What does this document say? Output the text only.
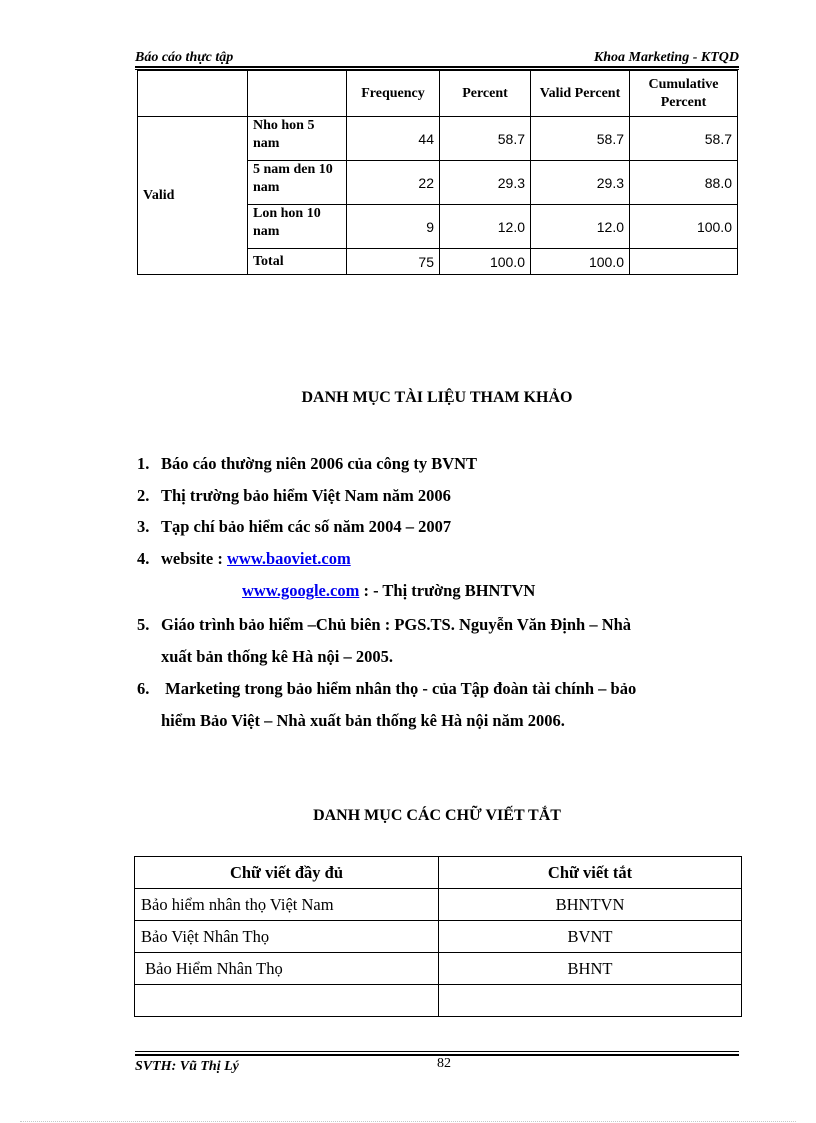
Báo cáo thực tập	Khoa Marketing - KTQD
		Frequency	Percent	Valid Percent	Cumulative Percent
Valid	Nho hon 5 nam	44	58.7	58.7	58.7
	5 nam den 10 nam	22	29.3	29.3	88.0
	Lon hon 10 nam	9	12.0	12.0	100.0
	Total	75	100.0	100.0	
DANH MỤC TÀI LIỆU THAM KHẢO
1. Báo cáo thường niên 2006 của công ty BVNT
2. Thị trường bảo hiểm Việt Nam năm 2006
3. Tạp chí bảo hiểm các số năm 2004 – 2007
4. website : www.baoviet.com
www.google.com : - Thị trường BHNTVN
5. Giáo trình bảo hiểm –Chủ biên : PGS.TS. Nguyễn Văn Định – Nhà
xuất bản thống kê Hà nội – 2005.
6. Marketing trong bảo hiểm nhân thọ - của Tập đoàn tài chính – bảo
hiểm Bảo Việt – Nhà xuất bản thống kê Hà nội năm 2006.
DANH MỤC CÁC CHỮ VIẾT TẮT
Chữ viết đầy đủ	Chữ viết tắt
Bảo hiểm nhân thọ Việt Nam	BHNTVN
Bảo Việt Nhân Thọ	BVNT
Bảo Hiểm Nhân Thọ	BHNT

SVTH: Vũ Thị Lý	82
